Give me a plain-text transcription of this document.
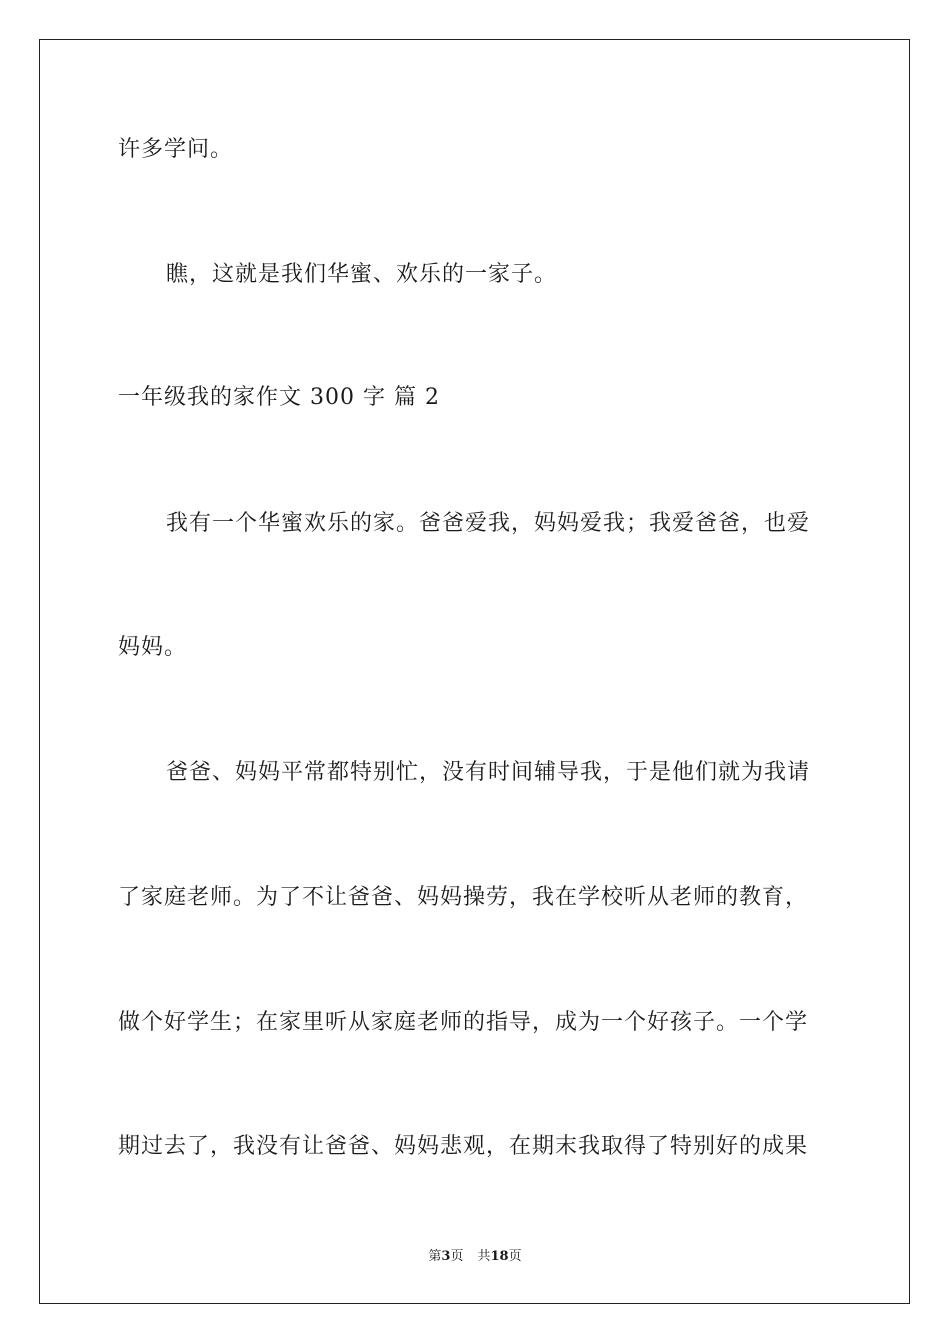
许多学问。
瞧，这就是我们华蜜、欢乐的一家子。
一年级我的家作文 300 字 篇 2
我有一个华蜜欢乐的家。爸爸爱我，妈妈爱我；我爱爸爸，也爱
妈妈。
爸爸、妈妈平常都特别忙，没有时间辅导我，于是他们就为我请
了家庭老师。为了不让爸爸、妈妈操劳，我在学校听从老师的教育，
做个好学生；在家里听从家庭老师的指导，成为一个好孩子。一个学
期过去了，我没有让爸爸、妈妈悲观，在期末我取得了特别好的成果
第3页 共18页
